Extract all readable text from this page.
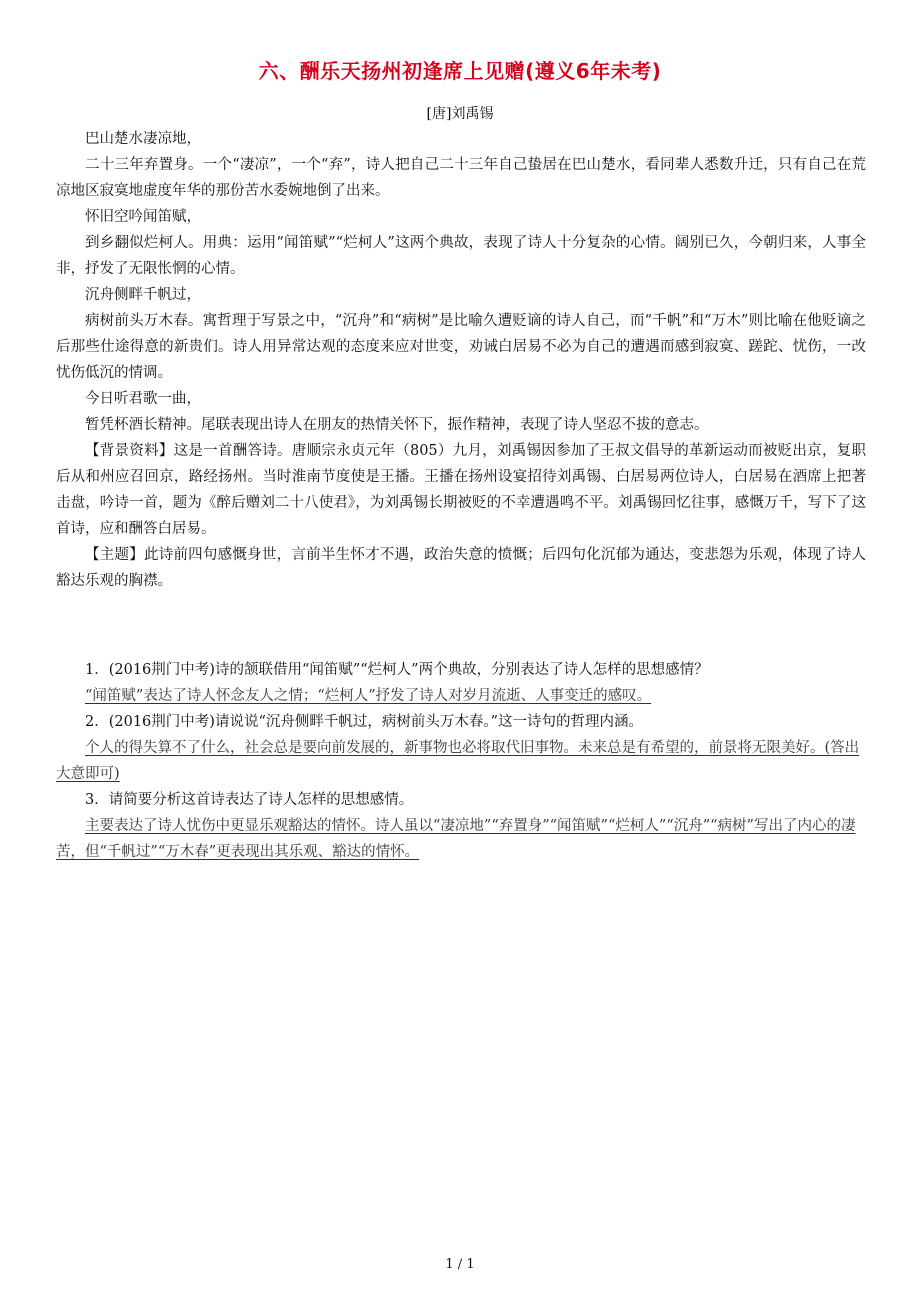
六、酬乐天扬州初逢席上见赠(遵义6年未考)
[唐]刘禹锡

巴山楚水凄凉地，

二十三年弃置身。一个“凄凉”，一个“弃”，诗人把自己二十三年自己蛰居在巴山楚水，看同辈人悉数升迁，只有自己在荒凉地区寂寞地虚度年华的那份苦水委婉地倒了出来。

怀旧空吟闻笛赋，

到乡翻似烂柯人。用典：运用“闻笛赋”“烂柯人”这两个典故，表现了诗人十分复杂的心情。阔别已久，今朝归来，人事全非，抒发了无限怅惘的心情。

沉舟侧畔千帆过，

病树前头万木春。寓哲理于写景之中，“沉舟”和“病树”是比喻久遭贬谪的诗人自己，而“千帆”和“万木”则比喻在他贬谪之后那些仕途得意的新贵们。诗人用异常达观的态度来应对世变，劝诫白居易不必为自己的遭遇而感到寂寞、蹉跎、忧伤，一改忧伤低沉的情调。

今日听君歌一曲，

暂凭杯酒长精神。尾联表现出诗人在朋友的热情关怀下，振作精神，表现了诗人坚忍不拔的意志。

【背景资料】这是一首酬答诗。唐顺宗永贞元年（805）九月，刘禹锡因参加了王叔文倡导的革新运动而被贬出京，复职后从和州应召回京，路经扬州。当时淮南节度使是王播。王播在扬州设宴招待刘禹锡、白居易两位诗人，白居易在酒席上把著击盘，吟诗一首，题为《醉后赠刘二十八使君》，为刘禹锡长期被贬的不幸遭遇鸣不平。刘禹锡回忆往事，感慨万千，写下了这首诗，应和酬答白居易。

【主题】此诗前四句感慨身世，言前半生怀才不遇，政治失意的愤慨；后四句化沉郁为通达，变悲怨为乐观，体现了诗人豁达乐观的胸襟。

1．(2016荆门中考)诗的颔联借用“闻笛赋”“烂柯人”两个典故，分别表达了诗人怎样的思想感情？

“闻笛赋”表达了诗人怀念友人之情；“烂柯人”抒发了诗人对岁月流逝、人事变迁的感叹。

2．(2016荆门中考)请说说“沉舟侧畔千帆过，病树前头万木春。”这一诗句的哲理内涵。

个人的得失算不了什么，社会总是要向前发展的，新事物也必将取代旧事物。未来总是有希望的，前景将无限美好。(答出大意即可)

3．请简要分析这首诗表达了诗人怎样的思想感情。

主要表达了诗人忧伤中更显乐观豁达的情怀。诗人虽以“凄凉地”“弃置身”“闻笛赋”“烂柯人”“沉舟”“病树”写出了内心的凄苦，但“千帆过”“万木春”更表现出其乐观、豁达的情怀。

1 / 1
